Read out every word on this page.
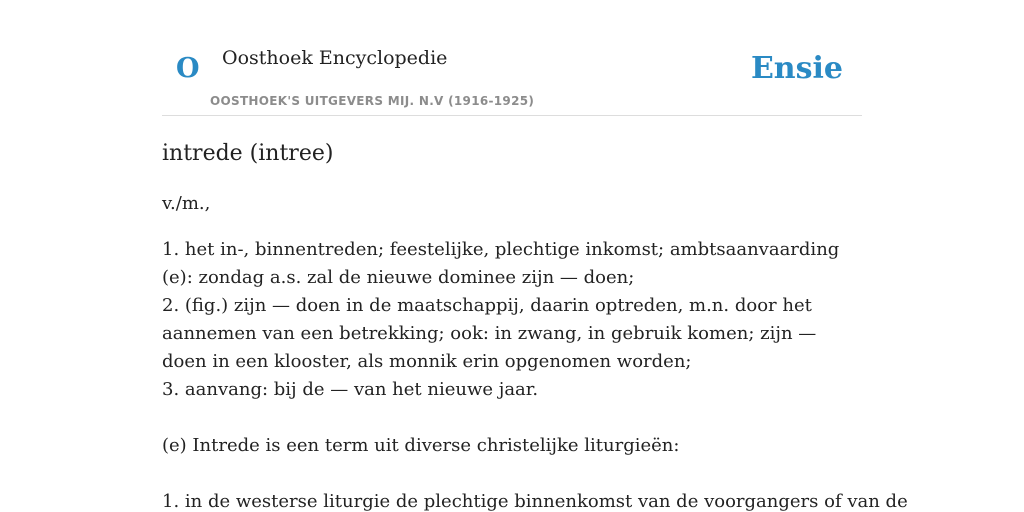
O Oosthoek Encyclopedie
OOSTHOEK'S UITGEVERS MIJ. N.V (1916-1925)
Ensie
intrede (intree)

v./m.,

1. het in-, binnentreden; feestelijke, plechtige inkomst; ambtsaanvaarding (e): zondag a.s. zal de nieuwe dominee zijn — doen;
2. (fig.) zijn — doen in de maatschappij, daarin optreden, m.n. door het aannemen van een betrekking; ook: in zwang, in gebruik komen; zijn — doen in een klooster, als monnik erin opgenomen worden;
3. aanvang: bij de — van het nieuwe jaar.

(e) Intrede is een term uit diverse christelijke liturgieën:

1. in de westerse liturgie de plechtige binnenkomst van de voorgangers of van de
